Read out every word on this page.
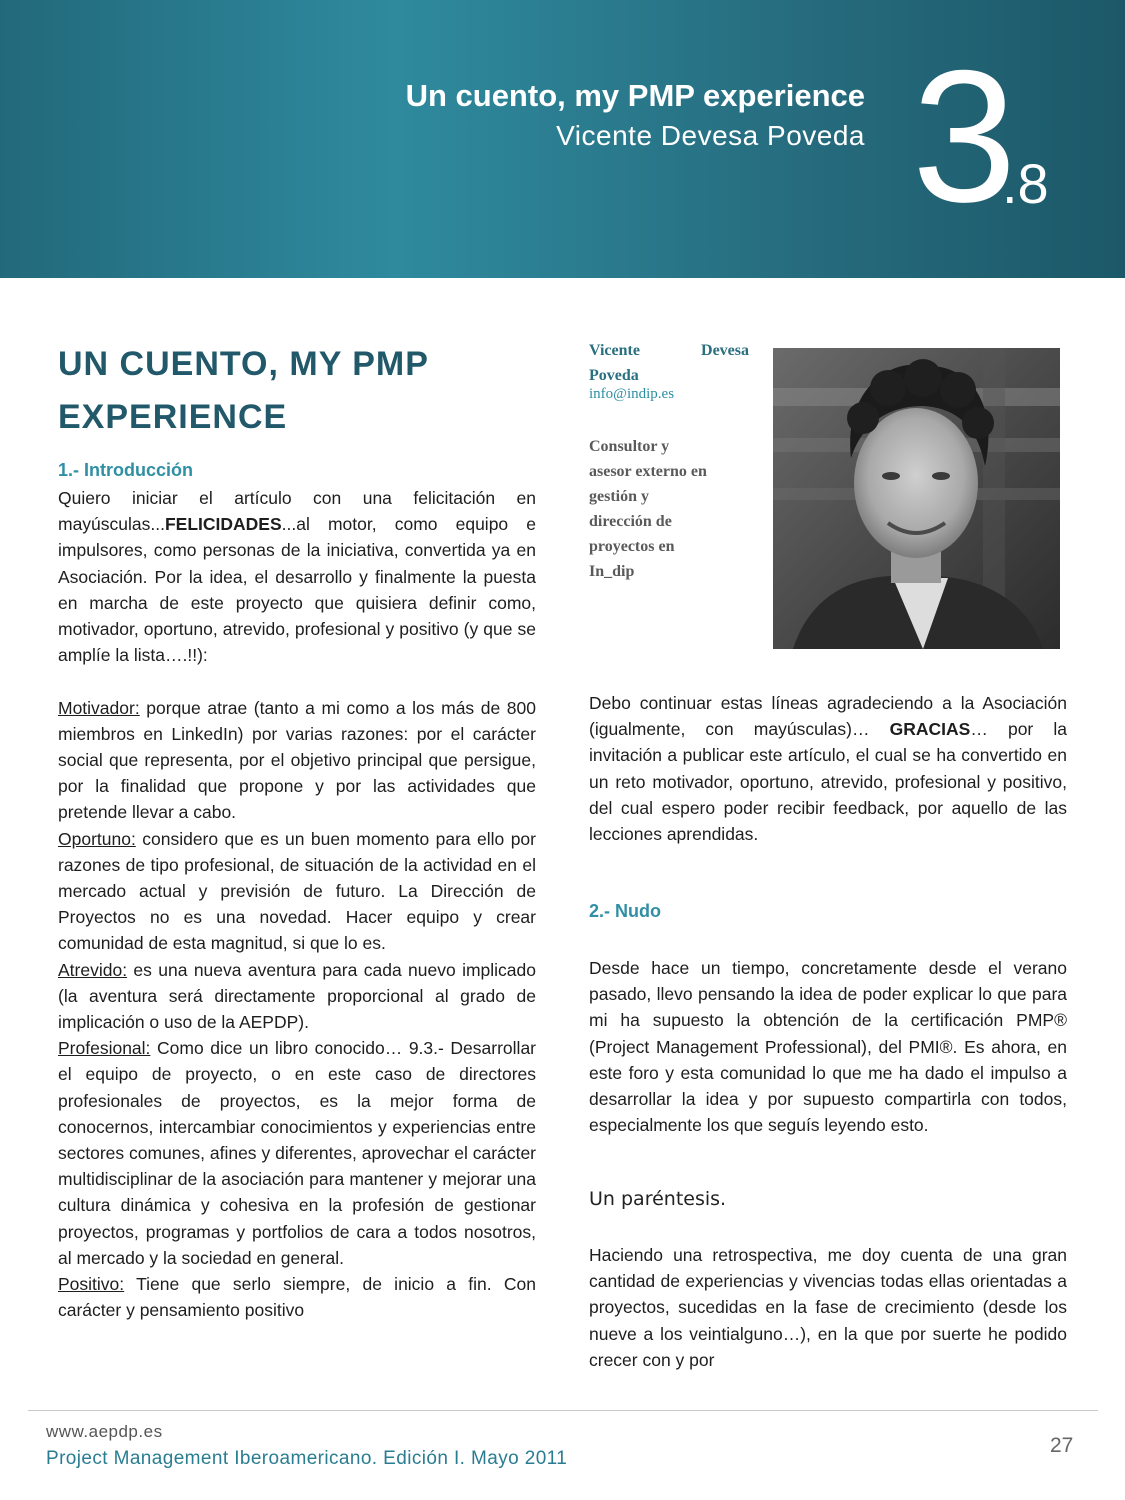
Un cuento, my PMP experience
Vicente Devesa Poveda 3
.8
UN CUENTO, MY PMP
EXPERIENCE
1.- Introducción

Quiero iniciar el artículo con una felicitación en mayúsculas...FELICIDADES...al motor, como equipo e impulsores, como personas de la iniciativa, convertida ya en Asociación. Por la idea, el desarrollo y finalmente la puesta en marcha de este proyecto que quisiera definir como, motivador, oportuno, atrevido, profesional y positivo (y que se amplíe la lista….!!):

Motivador: porque atrae (tanto a mi como a los más de 800 miembros en LinkedIn) por varias razones: por el carácter social que representa, por el objetivo principal que persigue, por la finalidad que propone y por las actividades que pretende llevar a cabo.

Oportuno: considero que es un buen momento para ello por razones de tipo profesional, de situación de la actividad en el mercado actual y previsión de futuro. La Dirección de Proyectos no es una novedad. Hacer equipo y crear comunidad de esta magnitud, si que lo es.

Atrevido: es una nueva aventura para cada nuevo implicado (la aventura será directamente proporcional al grado de implicación o uso de la AEPDP).

Profesional: Como dice un libro conocido… 9.3.- Desarrollar el equipo de proyecto, o en este caso de directores profesionales de proyectos, es la mejor forma de conocernos, intercambiar conocimientos y experiencias entre sectores comunes, afines y diferentes, aprovechar el carácter multidisciplinar de la asociación para mantener y mejorar una cultura dinámica y cohesiva en la profesión de gestionar proyectos, programas y portfolios de cara a todos nosotros, al mercado y la sociedad en general.

Positivo: Tiene que serlo siempre, de inicio a fin. Con carácter y pensamiento positivo

Vicente	Devesa
Poveda
info@indip.es
Consultor y
asesor externo en
gestión y
dirección de
proyectos en
In_dip

Debo continuar estas líneas agradeciendo a la Asociación (igualmente, con mayúsculas)… GRACIAS… por la invitación a publicar este artículo, el cual se ha convertido en un reto motivador, oportuno, atrevido, profesional y positivo, del cual espero poder recibir feedback, por aquello de las lecciones aprendidas.

2.- Nudo

Desde hace un tiempo, concretamente desde el verano pasado, llevo pensando la idea de poder explicar lo que para mi ha supuesto la obtención de la certificación PMP® (Project Management Professional), del PMI®. Es ahora, en este foro y esta comunidad lo que me ha dado el impulso a desarrollar la idea y por supuesto compartirla con todos, especialmente los que seguís leyendo esto.

Un paréntesis.

Haciendo una retrospectiva, me doy cuenta de una gran cantidad de experiencias y vivencias todas ellas orientadas a proyectos, sucedidas en la fase de crecimiento (desde los nueve a los veintialguno…), en la que por suerte he podido crecer con y por

www.aepdp.es
Project Management Iberoamericano. Edición I. Mayo 2011
27
